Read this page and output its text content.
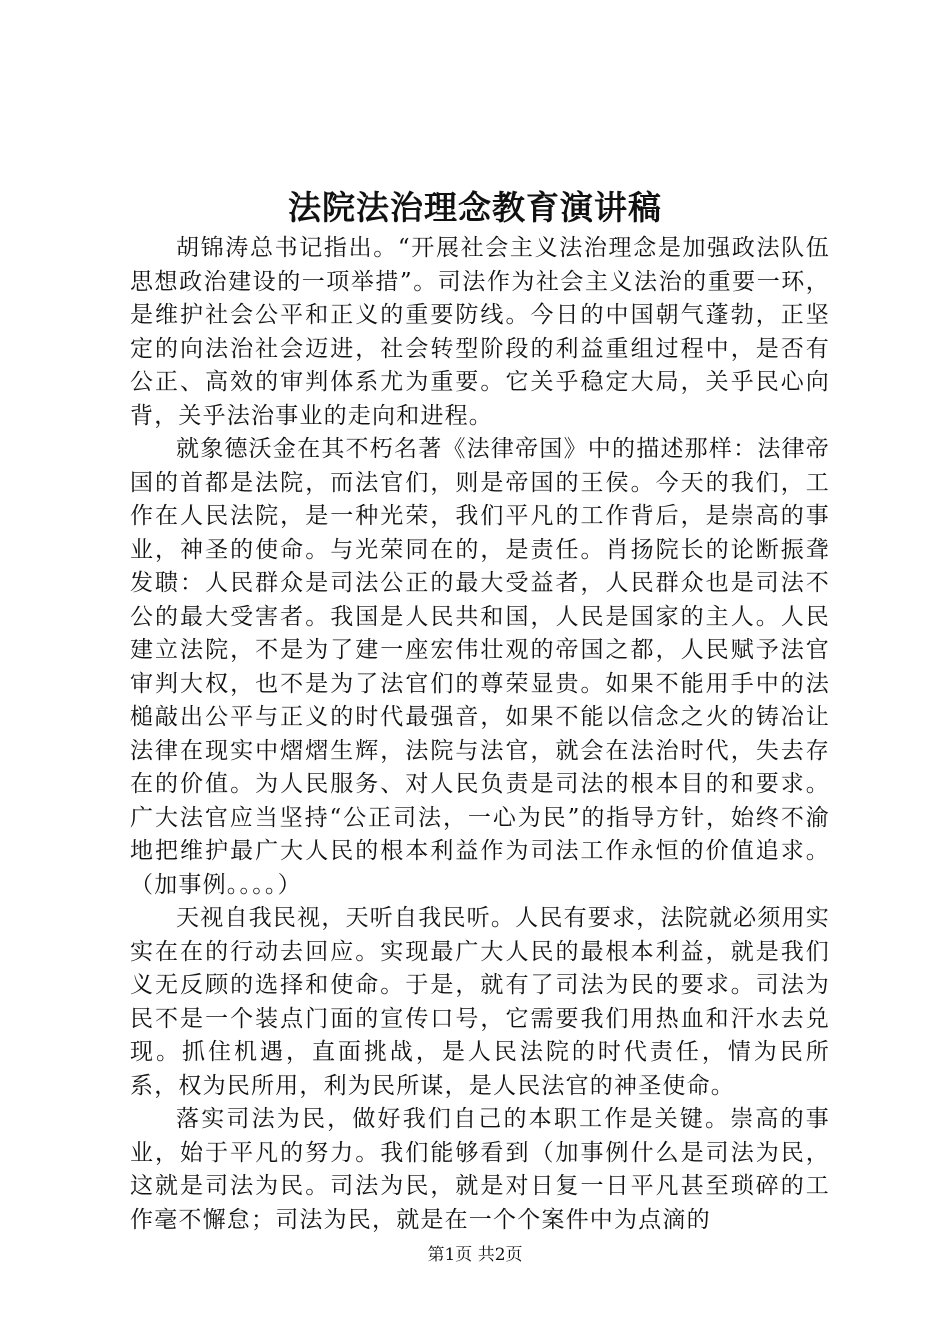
法院法治理念教育演讲稿

胡锦涛总书记指出。“开展社会主义法治理念是加强政法队伍思想政治建设的一项举措”。司法作为社会主义法治的重要一环，是维护社会公平和正义的重要防线。今日的中国朝气蓬勃，正坚定的向法治社会迈进，社会转型阶段的利益重组过程中，是否有公正、高效的审判体系尤为重要。它关乎稳定大局，关乎民心向背，关乎法治事业的走向和进程。

就象德沃金在其不朽名著《法律帝国》中的描述那样：法律帝国的首都是法院，而法官们，则是帝国的王侯。今天的我们，工作在人民法院，是一种光荣，我们平凡的工作背后，是崇高的事业，神圣的使命。与光荣同在的，是责任。肖扬院长的论断振聋发聩：人民群众是司法公正的最大受益者，人民群众也是司法不公的最大受害者。我国是人民共和国，人民是国家的主人。人民建立法院，不是为了建一座宏伟壮观的帝国之都，人民赋予法官审判大权，也不是为了法官们的尊荣显贵。如果不能用手中的法槌敲出公平与正义的时代最强音，如果不能以信念之火的铸冶让法律在现实中熠熠生辉，法院与法官，就会在法治时代，失去存在的价值。为人民服务、对人民负责是司法的根本目的和要求。广大法官应当坚持“公正司法，一心为民”的指导方针，始终不渝地把维护最广大人民的根本利益作为司法工作永恒的价值追求。（加事例。。。。）

天视自我民视，天听自我民听。人民有要求，法院就必须用实实在在的行动去回应。实现最广大人民的最根本利益，就是我们义无反顾的选择和使命。于是，就有了司法为民的要求。司法为民不是一个装点门面的宣传口号，它需要我们用热血和汗水去兑现。抓住机遇，直面挑战，是人民法院的时代责任，情为民所系，权为民所用，利为民所谋，是人民法官的神圣使命。

落实司法为民，做好我们自己的本职工作是关键。崇高的事业，始于平凡的努力。我们能够看到（加事例什么是司法为民，这就是司法为民。司法为民，就是对日复一日平凡甚至琐碎的工作毫不懈怠；司法为民，就是在一个个案件中为点滴的

第1页 共2页
